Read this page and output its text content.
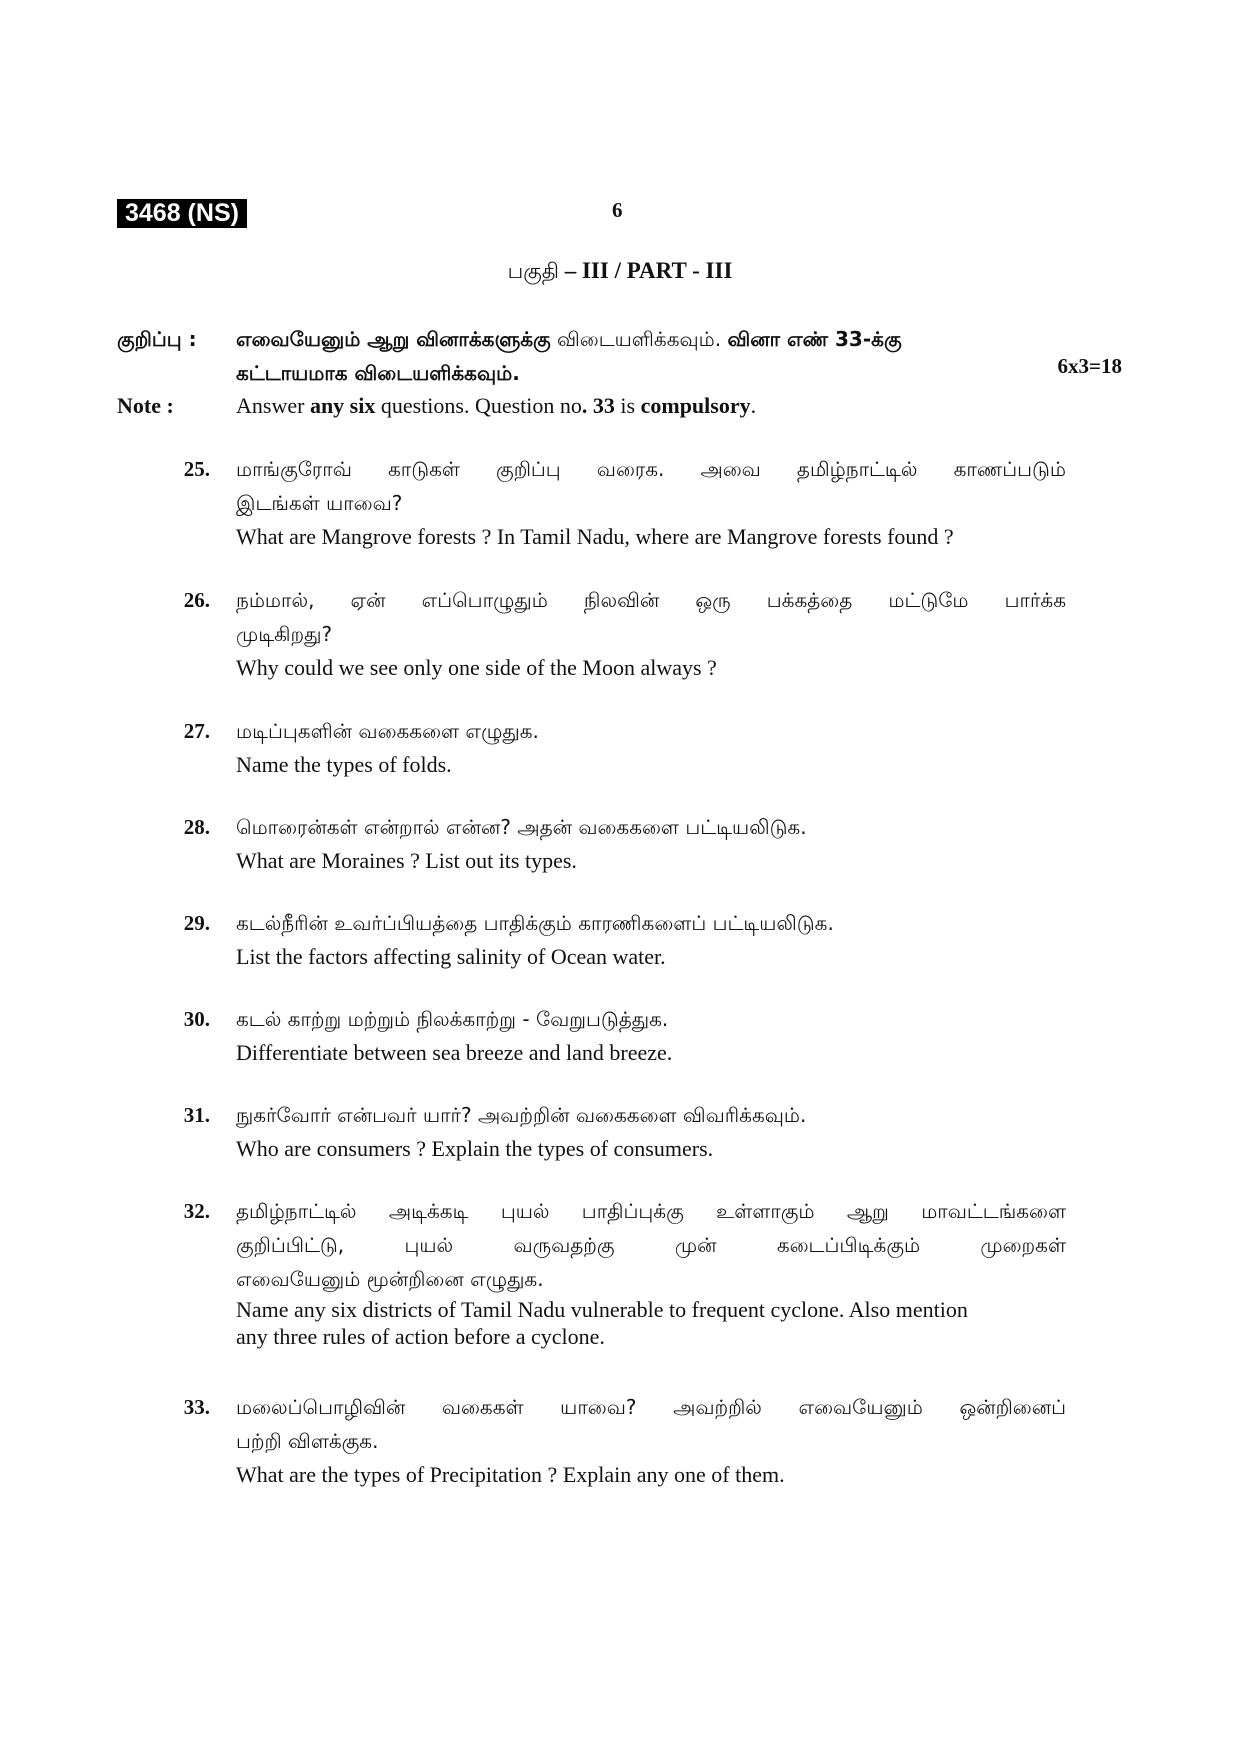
3468 (NS)	6
பகுதி – III / PART - III
குறிப்பு : எவையேனும் ஆறு வினாக்களுக்கு விடையளிக்கவும். வினா எண் 33-க்கு
கட்டாயமாக விடையளிக்கவும்.	6x3=18
Note :	Answer any six questions. Question no. 33 is compulsory.
25. மாங்குரோவ் காடுகள் குறிப்பு வரைக. அவை தமிழ்நாட்டில் காணப்படும்
இடங்கள் யாவை?
What are Mangrove forests ? In Tamil Nadu, where are Mangrove forests found ?
26. நம்மால், ஏன் எப்பொழுதும் நிலவின் ஒரு பக்கத்தை மட்டுமே பார்க்க
முடிகிறது?
Why could we see only one side of the Moon always ?
27. மடிப்புகளின் வகைகளை எழுதுக.
Name the types of folds.
28. மொரைன்கள் என்றால் என்ன? அதன் வகைகளை பட்டியலிடுக.
What are Moraines ? List out its types.
29. கடல்நீரின் உவர்ப்பியத்தை பாதிக்கும் காரணிகளைப் பட்டியலிடுக.
List the factors affecting salinity of Ocean water.
30. கடல் காற்று மற்றும் நிலக்காற்று - வேறுபடுத்துக.
Differentiate between sea breeze and land breeze.
31. நுகர்வோர் என்பவர் யார்? அவற்றின் வகைகளை விவரிக்கவும்.
Who are consumers ? Explain the types of consumers.
32. தமிழ்நாட்டில் அடிக்கடி புயல் பாதிப்புக்கு உள்ளாகும் ஆறு மாவட்டங்களை
குறிப்பிட்டு, புயல் வருவதற்கு முன் கடைப்பிடிக்கும் முறைகள்
எவையேனும் மூன்றினை எழுதுக.
Name any six districts of Tamil Nadu vulnerable to frequent cyclone. Also mention
any three rules of action before a cyclone.
33. மலைப்பொழிவின் வகைகள் யாவை? அவற்றில் எவையேனும் ஒன்றினைப்
பற்றி விளக்குக.
What are the types of Precipitation ? Explain any one of them.
